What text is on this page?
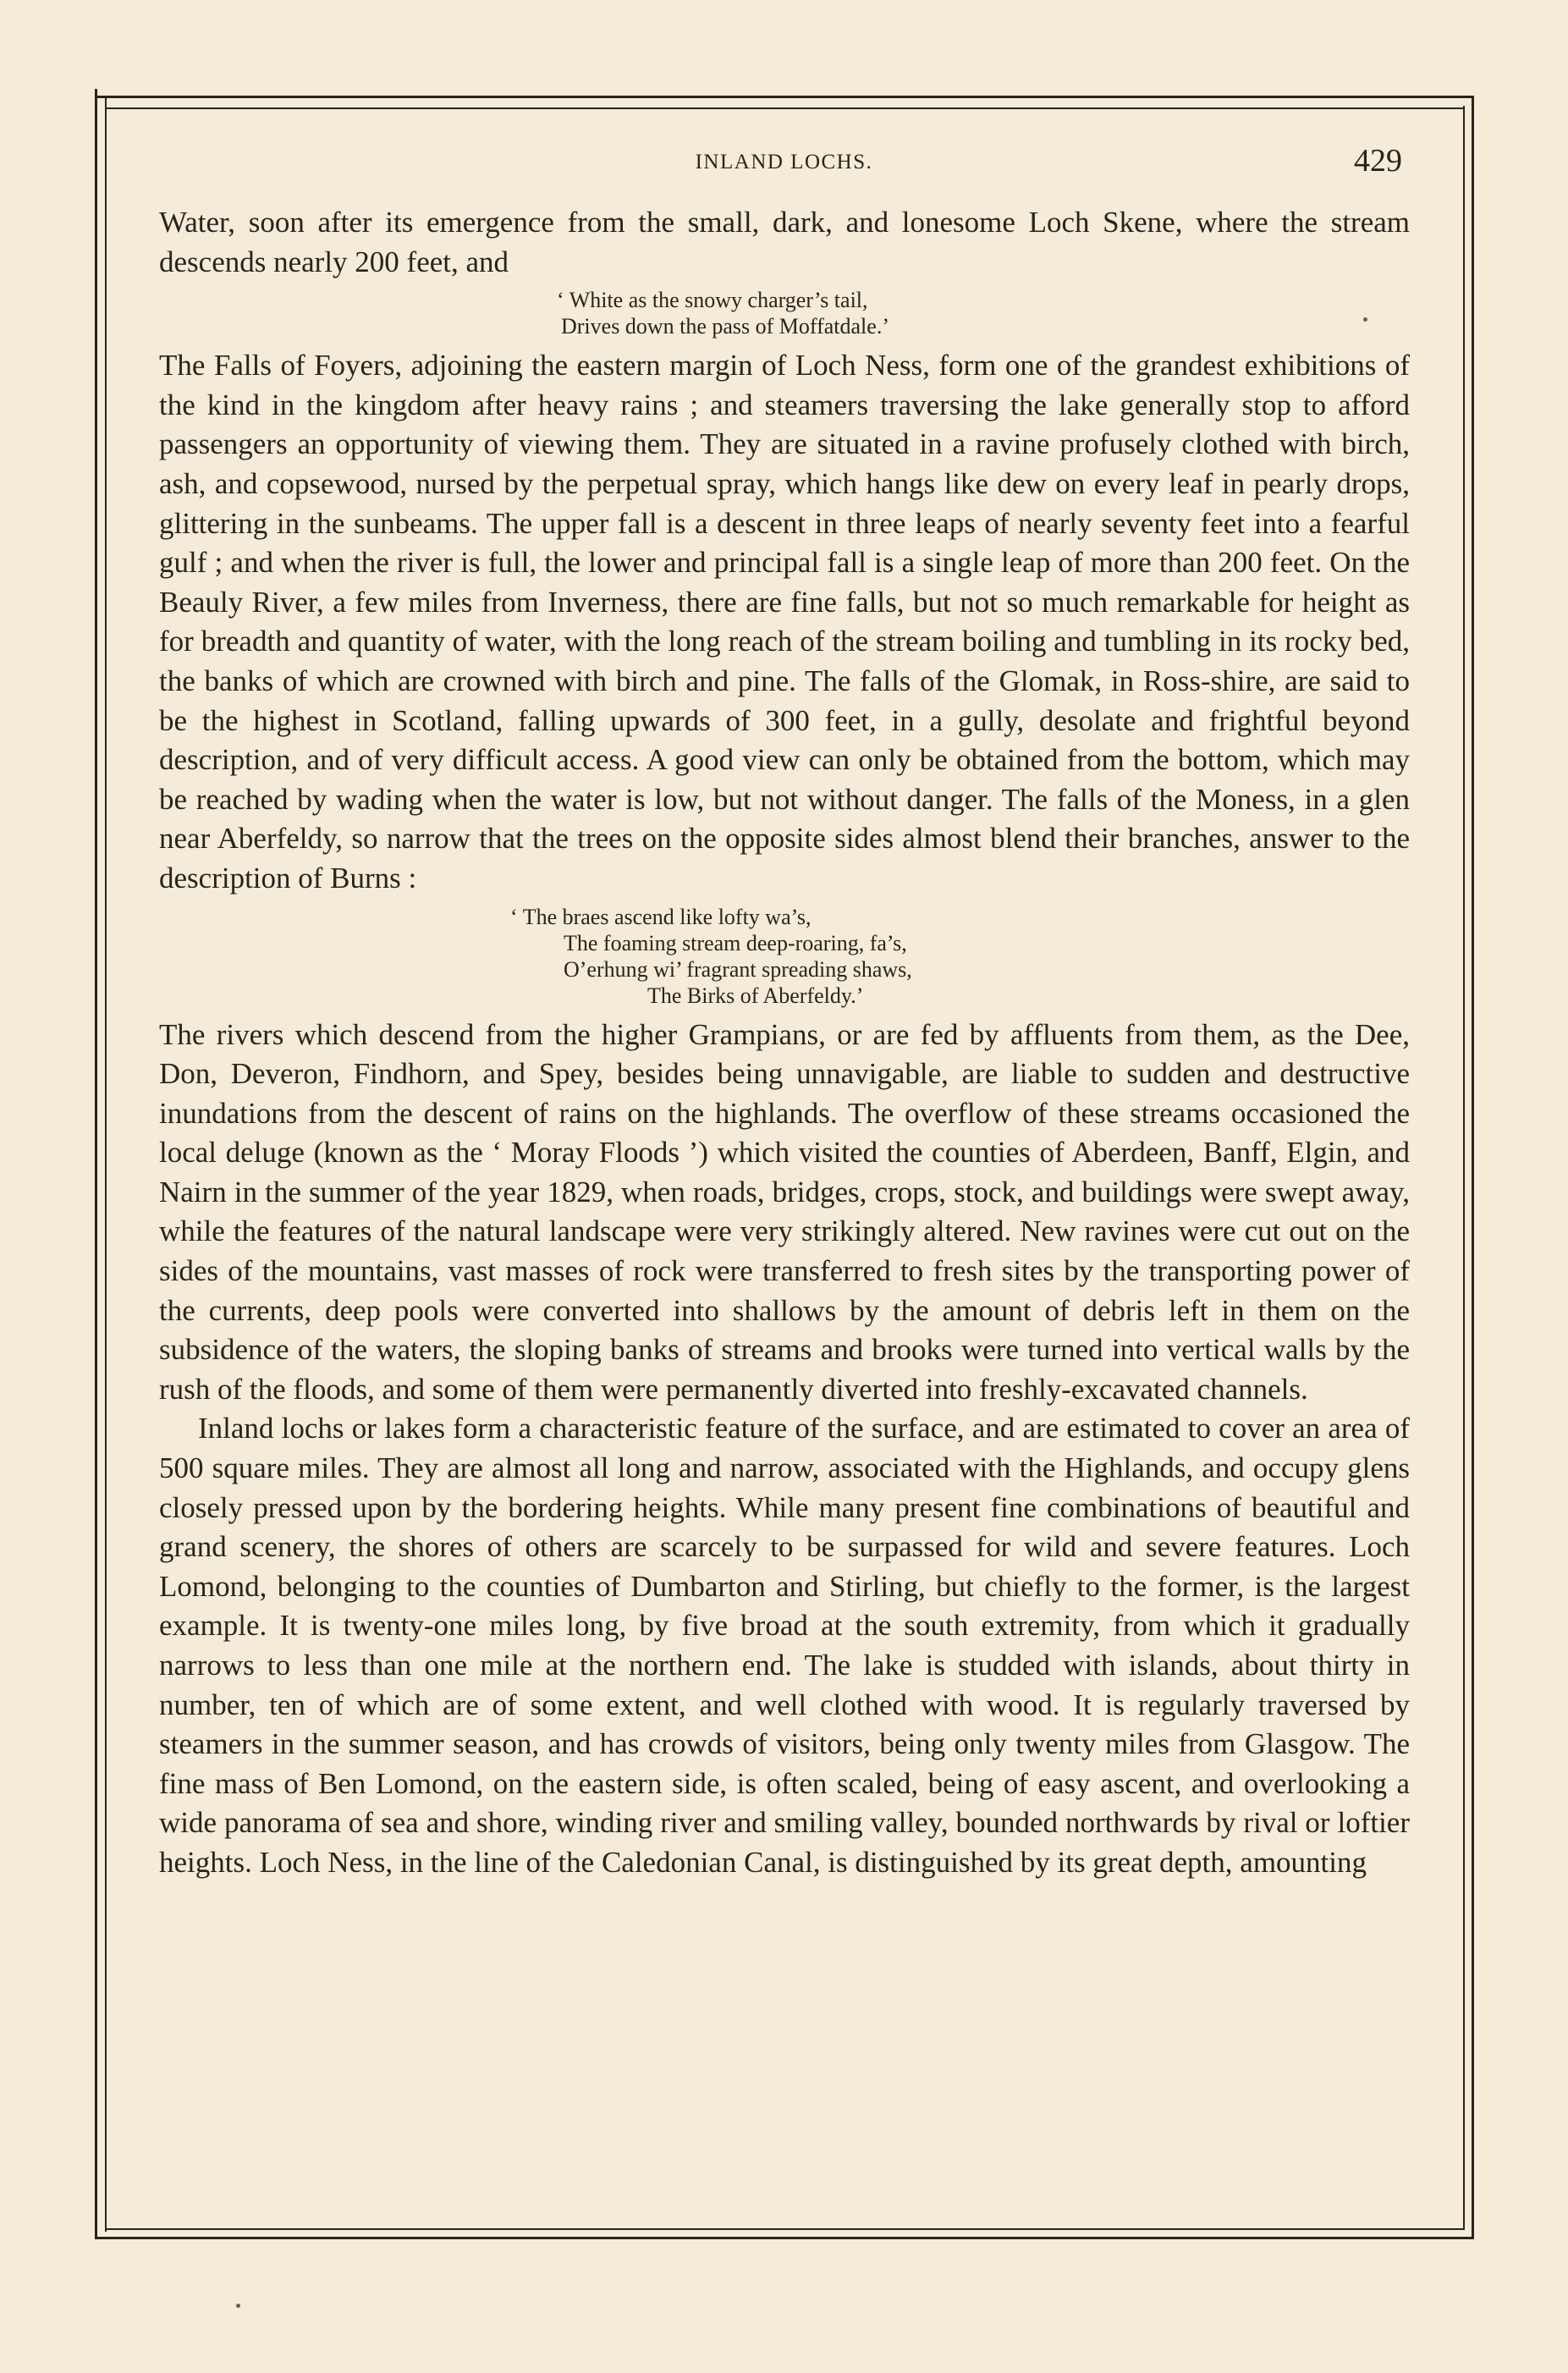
INLAND LOCHS.	429

Water, soon after its emergence from the small, dark, and lonesome Loch Skene, where the stream descends nearly 200 feet, and

‘ White as the snowy charger’s tail,
Drives down the pass of Moffatdale.’

The Falls of Foyers, adjoining the eastern margin of Loch Ness, form one of the grandest exhibitions of the kind in the kingdom after heavy rains ; and steamers traversing the lake generally stop to afford passengers an opportunity of viewing them. They are situated in a ravine profusely clothed with birch, ash, and copsewood, nursed by the perpetual spray, which hangs like dew on every leaf in pearly drops, glittering in the sunbeams. The upper fall is a descent in three leaps of nearly seventy feet into a fearful gulf ; and when the river is full, the lower and principal fall is a single leap of more than 200 feet. On the Beauly River, a few miles from Inverness, there are fine falls, but not so much remarkable for height as for breadth and quantity of water, with the long reach of the stream boiling and tumbling in its rocky bed, the banks of which are crowned with birch and pine. The falls of the Glomak, in Ross-shire, are said to be the highest in Scotland, falling upwards of 300 feet, in a gully, desolate and frightful beyond description, and of very difficult access. A good view can only be obtained from the bottom, which may be reached by wading when the water is low, but not without danger. The falls of the Moness, in a glen near Aberfeldy, so narrow that the trees on the opposite sides almost blend their branches, answer to the description of Burns :

‘ The braes ascend like lofty wa’s,
The foaming stream deep-roaring, fa’s,
O’erhung wi’ fragrant spreading shaws,
The Birks of Aberfeldy.’

The rivers which descend from the higher Grampians, or are fed by affluents from them, as the Dee, Don, Deveron, Findhorn, and Spey, besides being unnavigable, are liable to sudden and destructive inundations from the descent of rains on the highlands. The overflow of these streams occasioned the local deluge (known as the ‘ Moray Floods ’) which visited the counties of Aberdeen, Banff, Elgin, and Nairn in the summer of the year 1829, when roads, bridges, crops, stock, and buildings were swept away, while the features of the natural landscape were very strikingly altered. New ravines were cut out on the sides of the mountains, vast masses of rock were transferred to fresh sites by the transporting power of the currents, deep pools were converted into shallows by the amount of debris left in them on the subsidence of the waters, the sloping banks of streams and brooks were turned into vertical walls by the rush of the floods, and some of them were permanently diverted into freshly-excavated channels.

Inland lochs or lakes form a characteristic feature of the surface, and are estimated to cover an area of 500 square miles. They are almost all long and narrow, associated with the Highlands, and occupy glens closely pressed upon by the bordering heights. While many present fine combinations of beautiful and grand scenery, the shores of others are scarcely to be surpassed for wild and severe features. Loch Lomond, belonging to the counties of Dumbarton and Stirling, but chiefly to the former, is the largest example. It is twenty-one miles long, by five broad at the south extremity, from which it gradually narrows to less than one mile at the northern end. The lake is studded with islands, about thirty in number, ten of which are of some extent, and well clothed with wood. It is regularly traversed by steamers in the summer season, and has crowds of visitors, being only twenty miles from Glasgow. The fine mass of Ben Lomond, on the eastern side, is often scaled, being of easy ascent, and overlooking a wide panorama of sea and shore, winding river and smiling valley, bounded northwards by rival or loftier heights. Loch Ness, in the line of the Caledonian Canal, is distinguished by its great depth, amounting
